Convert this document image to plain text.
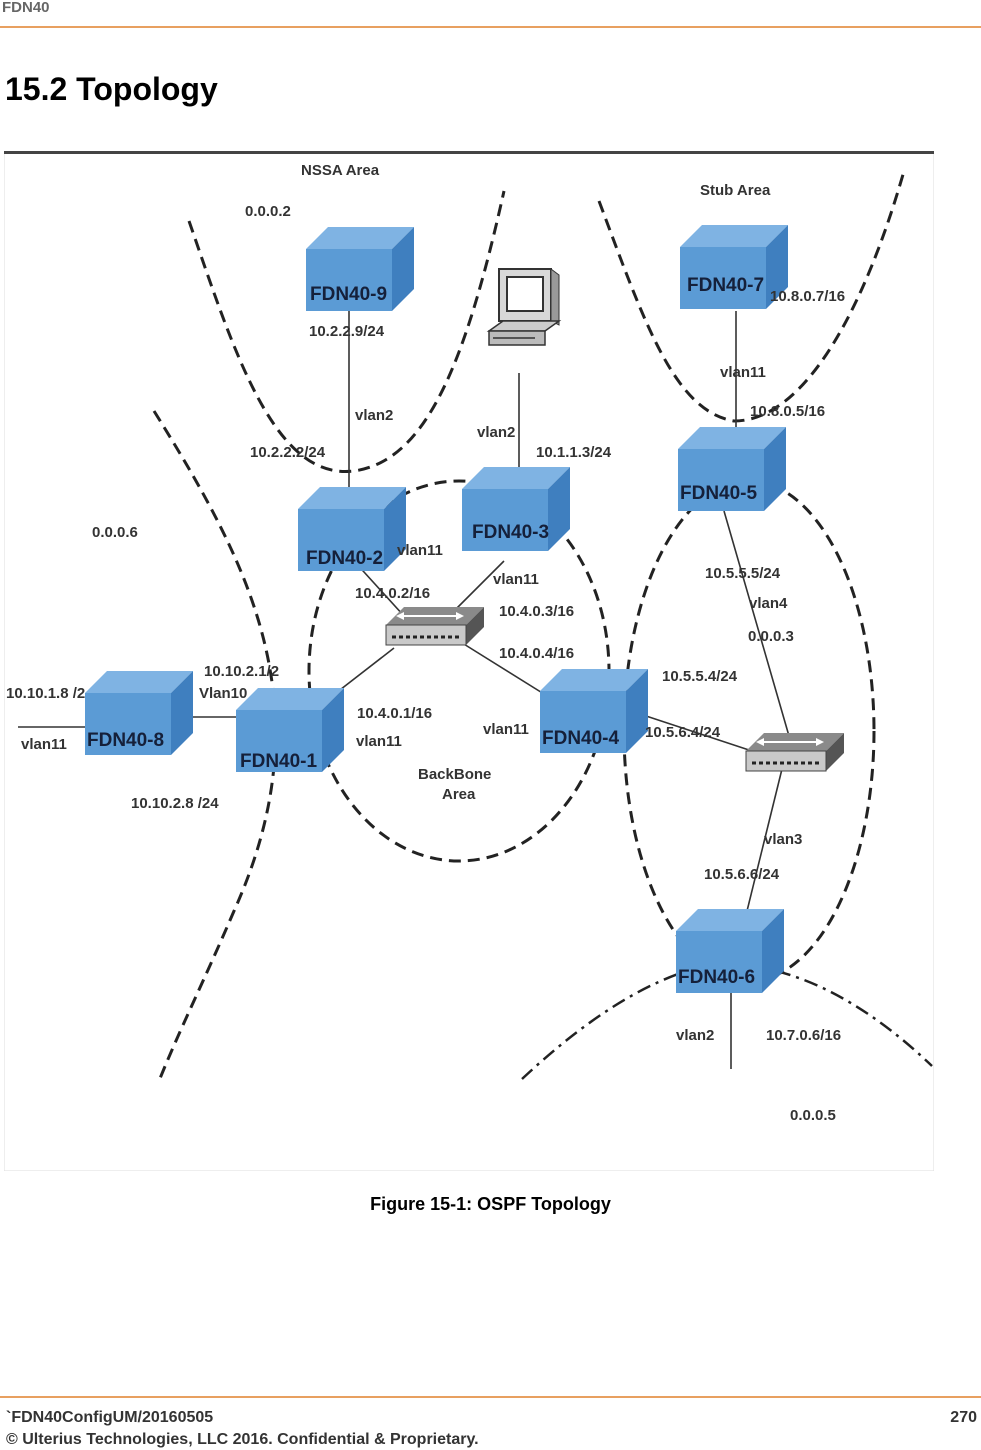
FDN40
15.2 Topology
FDN40-9	FDN40-7
FDN40-5
FDN40-2
FDN40-3
FDN40-8
FDN40-1
FDN40-4
FDN40-6
NSSA Area
0.0.0.2
Stub Area
0.0.0.6
0.0.0.3
0.0.0.5
BackBone
Area
10.2.2.9/24
vlan2
10.2.2.2/24
10.8.0.7/16
vlan11
10.8.0.5/16
vlan2
10.1.1.3/24
vlan11
10.4.0.2/16
vlan11
10.4.0.3/16
10.4.0.4/16
10.5.5.5/24
vlan4
10.5.5.4/24
10.5.6.4/24
vlan11
10.4.0.1/16
vlan11
10.10.2.1/2
Vlan10
10.10.1.8 /2
vlan11
10.10.2.8 /24
vlan3
10.5.6.6/24
vlan2	10.7.0.6/16
Figure 15-1: OSPF Topology
`FDN40ConfigUM/20160505
© Ulterius Technologies, LLC 2016. Confidential & Proprietary.
270
